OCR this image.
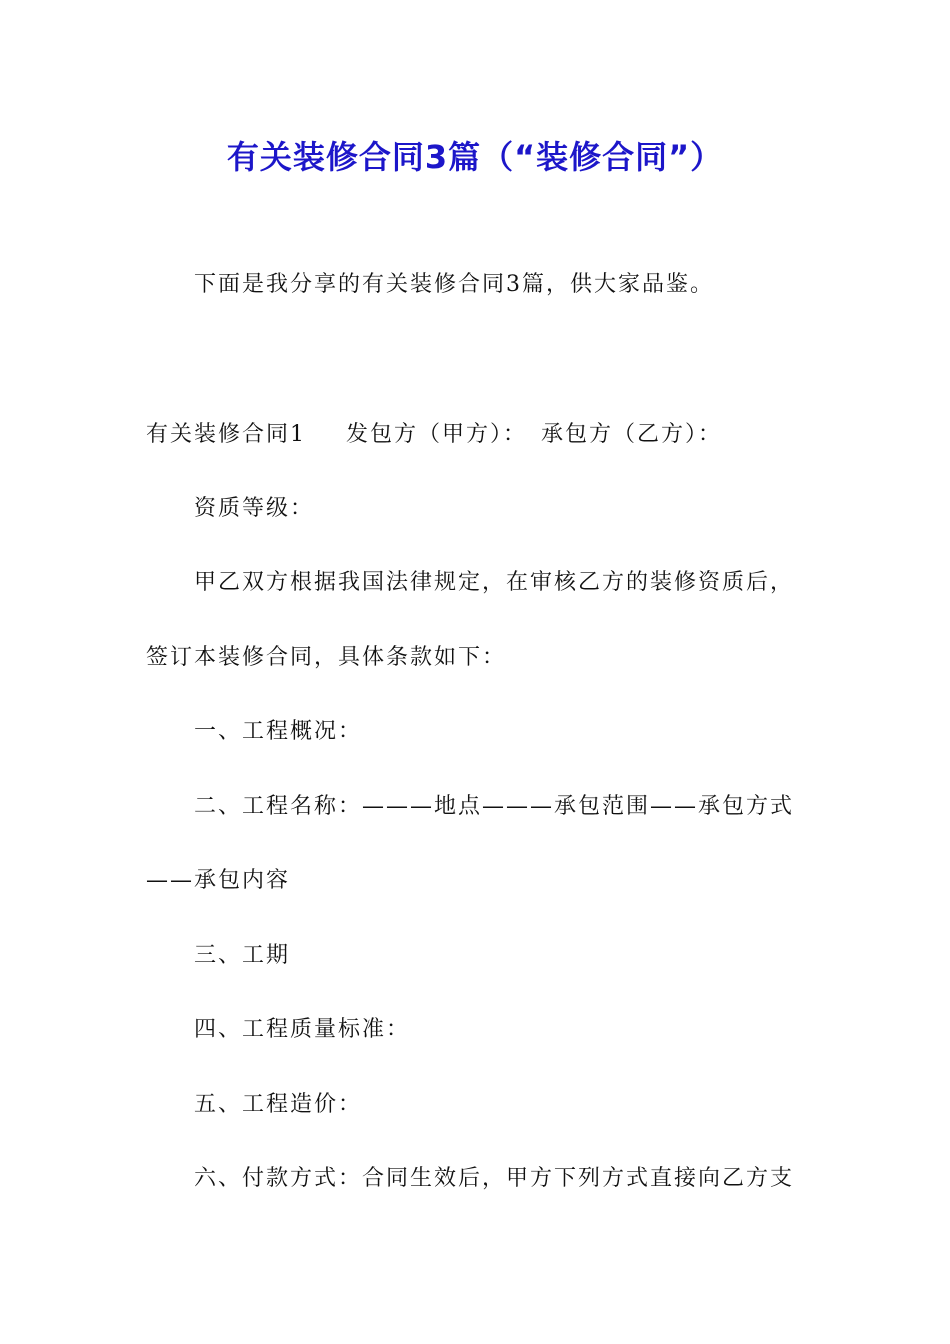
有关装修合同3篇（“装修合同”）
下面是我分享的有关装修合同3篇，供大家品鉴。
有关装修合同1 发包方（甲方）： 承包方（乙方）：
资质等级：
甲乙双方根据我国法律规定，在审核乙方的装修资质后，
签订本装修合同，具体条款如下：
一、工程概况：
二、工程名称：———地点———承包范围——承包方式
——承包内容
三、工期
四、工程质量标准：
五、工程造价：
六、付款方式：合同生效后，甲方下列方式直接向乙方支
